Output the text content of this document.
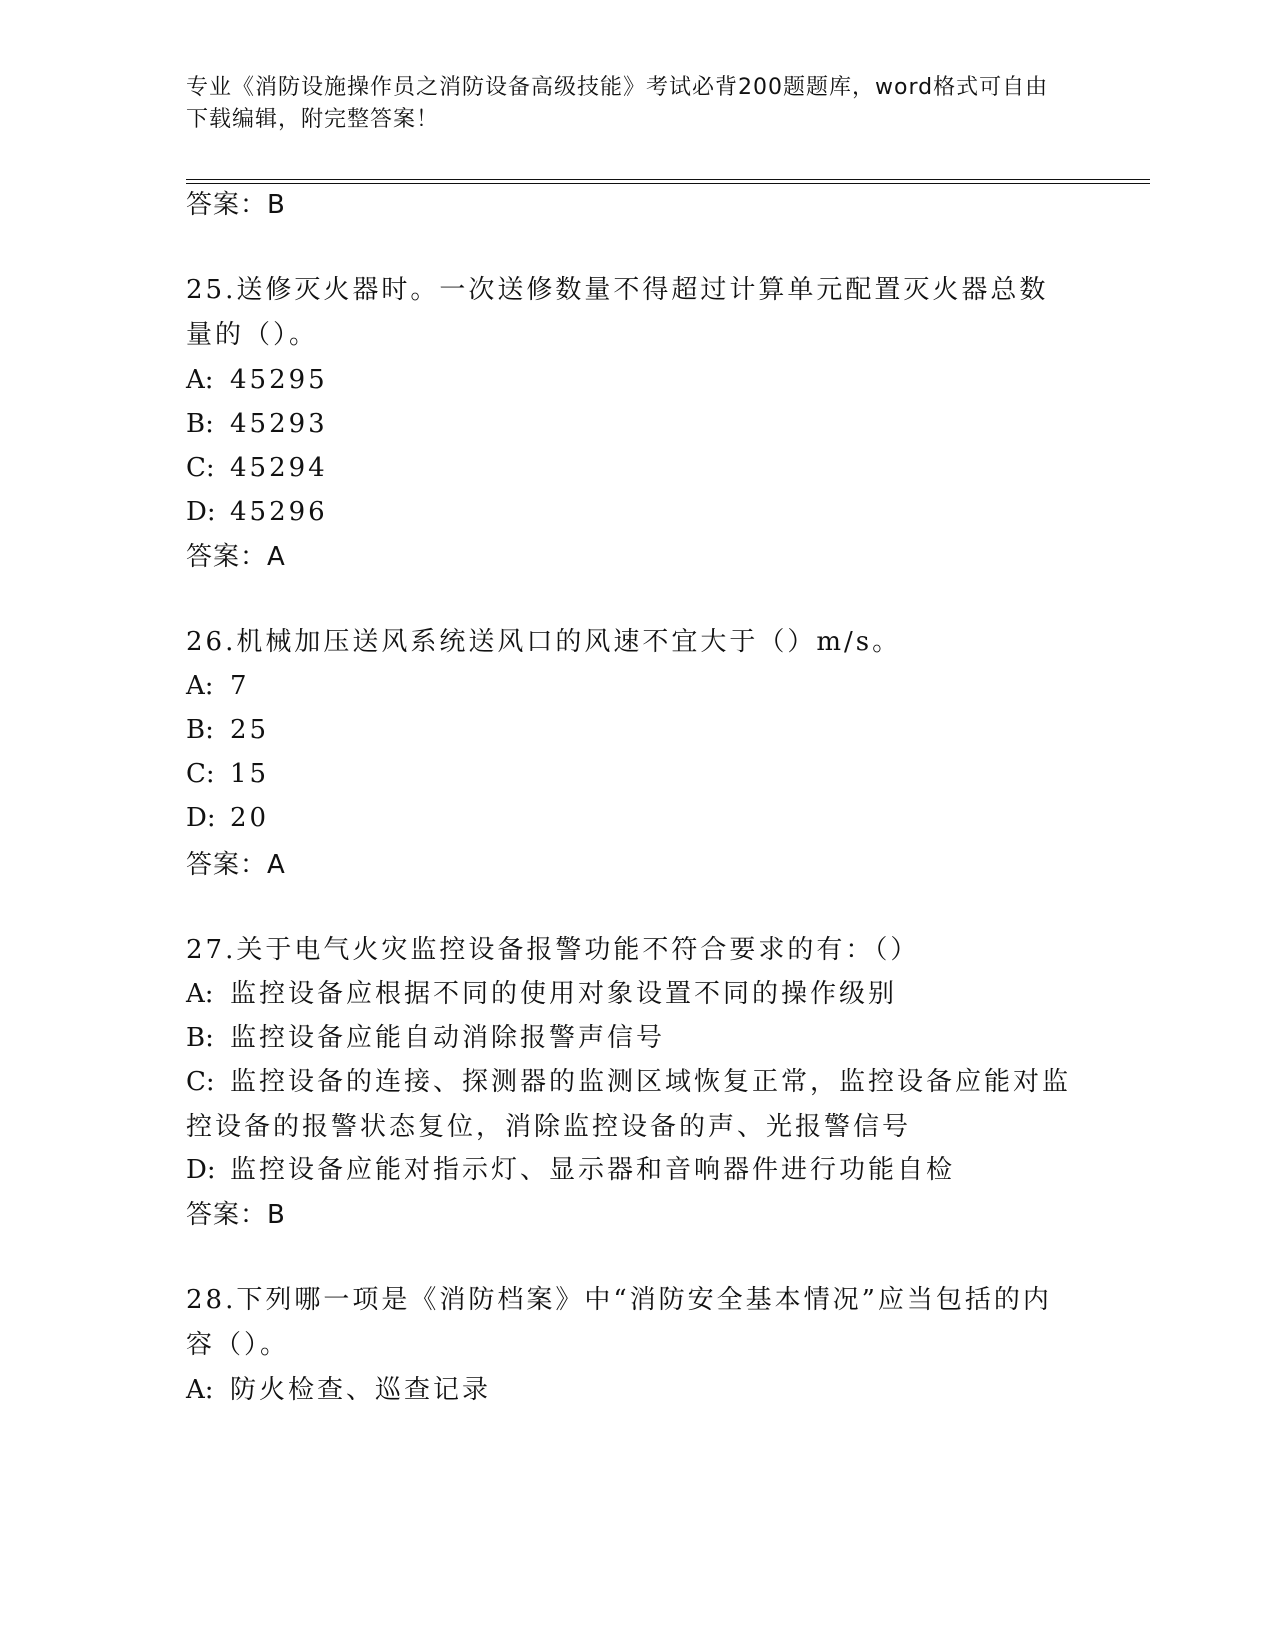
专业《消防设施操作员之消防设备高级技能》考试必背200题题库，word格式可自由下载编辑，附完整答案！
答案：B
25.送修灭火器时。一次送修数量不得超过计算单元配置灭火器总数量的（）。
A: 45295
B: 45293
C: 45294
D: 45296
答案：A
26.机械加压送风系统送风口的风速不宜大于（）m/s。
A: 7
B: 25
C: 15
D: 20
答案：A
27.关于电气火灾监控设备报警功能不符合要求的有：（）
A: 监控设备应根据不同的使用对象设置不同的操作级别
B: 监控设备应能自动消除报警声信号
C: 监控设备的连接、探测器的监测区域恢复正常，监控设备应能对监控设备的报警状态复位，消除监控设备的声、光报警信号
D: 监控设备应能对指示灯、显示器和音响器件进行功能自检
答案：B
28.下列哪一项是《消防档案》中“消防安全基本情况”应当包括的内容（）。
A: 防火检查、巡查记录
